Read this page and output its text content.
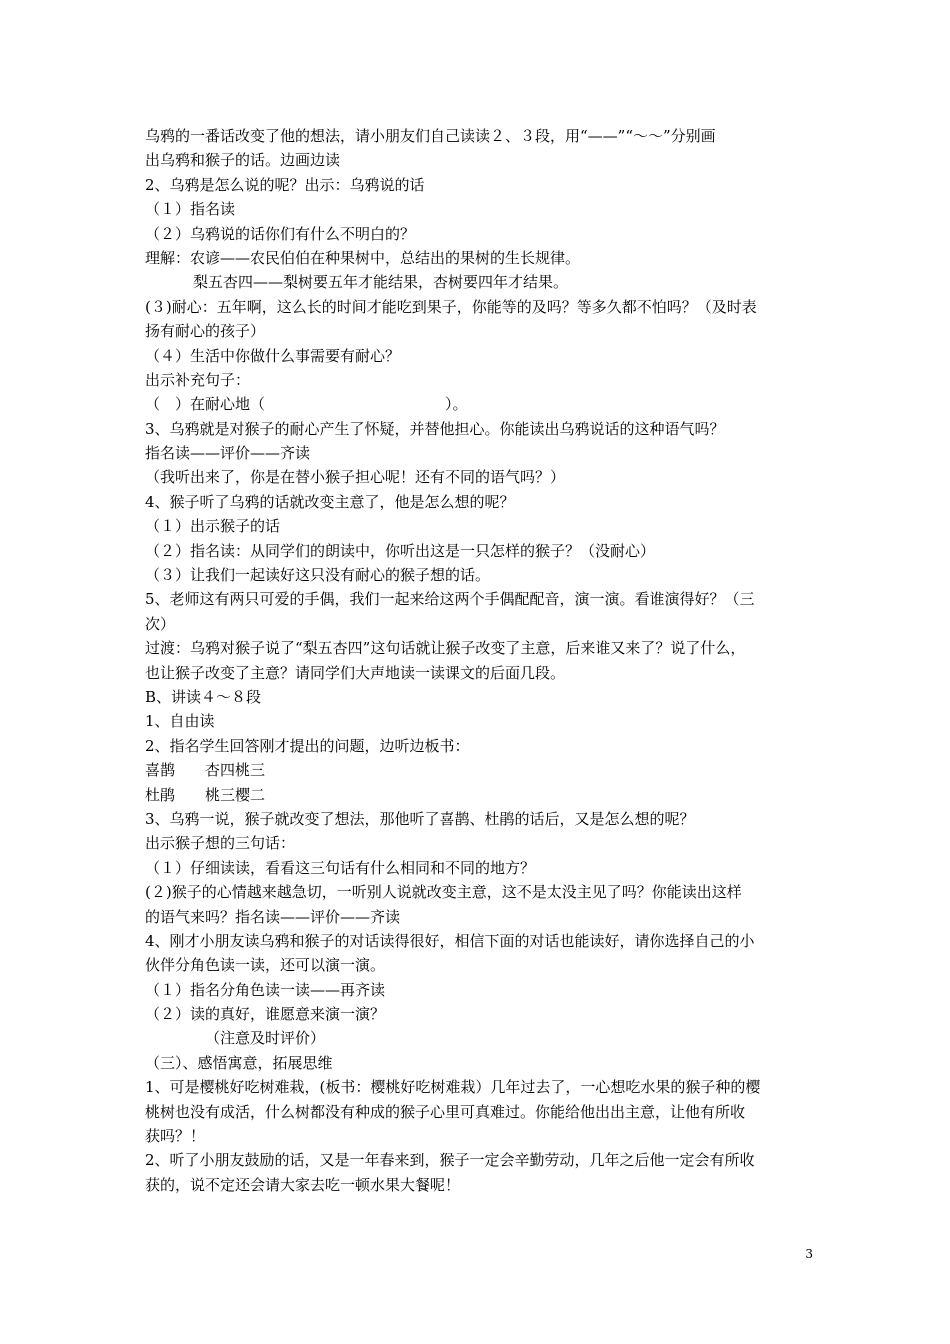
乌鸦的一番话改变了他的想法，请小朋友们自己读读２、３段，用“——”“～～”分别画
出乌鸦和猴子的话。边画边读
2、乌鸦是怎么说的呢？出示：乌鸦说的话
（１）指名读
（２）乌鸦说的话你们有什么不明白的？
理解：农谚——农民伯伯在种果树中，总结出的果树的生长规律。
梨五杏四——梨树要五年才能结果，杏树要四年才结果。
(３)耐心：五年啊，这么长的时间才能吃到果子，你能等的及吗？等多久都不怕吗？（及时表
扬有耐心的孩子）
（４）生活中你做什么事需要有耐心？
出示补充句子：
（　）在耐心地（　　　　　　　　　　　　）。
3、乌鸦就是对猴子的耐心产生了怀疑，并替他担心。你能读出乌鸦说话的这种语气吗？
指名读——评价——齐读
（我听出来了，你是在替小猴子担心呢！还有不同的语气吗？）
4、猴子听了乌鸦的话就改变主意了，他是怎么想的呢？
（１）出示猴子的话
（２）指名读：从同学们的朗读中，你听出这是一只怎样的猴子？（没耐心）
（３）让我们一起读好这只没有耐心的猴子想的话。
5、老师这有两只可爱的手偶，我们一起来给这两个手偶配配音，演一演。看谁演得好？（三
次）
过渡：乌鸦对猴子说了“梨五杏四”这句话就让猴子改变了主意，后来谁又来了？说了什么，
也让猴子改变了主意？请同学们大声地读一读课文的后面几段。
B、讲读４～８段
1、自由读
2、指名学生回答刚才提出的问题，边听边板书：
喜鹊　　杏四桃三
杜鹃　　桃三樱二
3、乌鸦一说，猴子就改变了想法，那他听了喜鹊、杜鹃的话后，又是怎么想的呢？
出示猴子想的三句话：
（１）仔细读读，看看这三句话有什么相同和不同的地方？
(２)猴子的心情越来越急切，一听别人说就改变主意，这不是太没主见了吗？你能读出这样
的语气来吗？指名读——评价——齐读
4、刚才小朋友读乌鸦和猴子的对话读得很好，相信下面的对话也能读好，请你选择自己的小
伙伴分角色读一读，还可以演一演。
（１）指名分角色读一读——再齐读
（２）读的真好，谁愿意来演一演？
（注意及时评价）
（三）、感悟寓意，拓展思维
1、可是樱桃好吃树难栽，(板书：樱桃好吃树难栽）几年过去了，一心想吃水果的猴子种的樱
桃树也没有成活，什么树都没有种成的猴子心里可真难过。你能给他出出主意，让他有所收
获吗？！
2、听了小朋友鼓励的话，又是一年春来到，猴子一定会辛勤劳动，几年之后他一定会有所收
获的，说不定还会请大家去吃一顿水果大餐呢！
3
